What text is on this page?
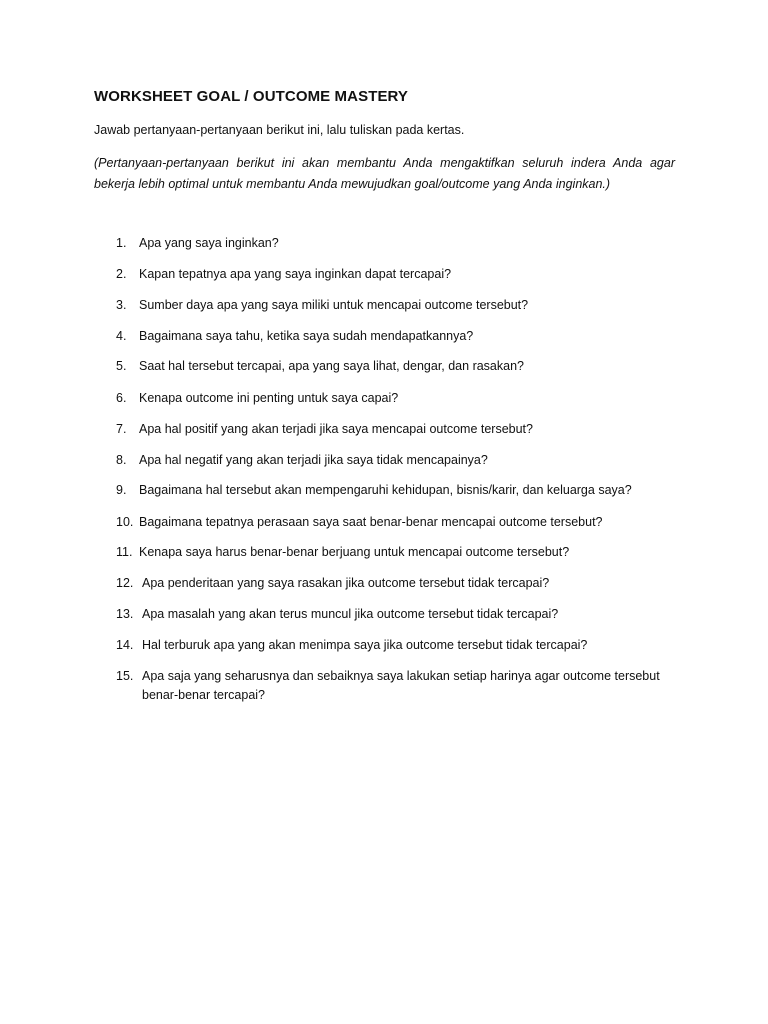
WORKSHEET GOAL / OUTCOME MASTERY
Jawab pertanyaan-pertanyaan berikut ini, lalu tuliskan pada kertas.
(Pertanyaan-pertanyaan berikut ini akan membantu Anda mengaktifkan seluruh indera Anda agar bekerja lebih optimal untuk membantu Anda mewujudkan goal/outcome yang Anda inginkan.)
1. Apa yang saya inginkan?
2. Kapan tepatnya apa yang saya inginkan dapat tercapai?
3. Sumber daya apa yang saya miliki untuk mencapai outcome tersebut?
4. Bagaimana saya tahu, ketika saya sudah mendapatkannya?
5. Saat hal tersebut tercapai, apa yang saya lihat, dengar, dan rasakan?
6. Kenapa outcome ini penting untuk saya capai?
7. Apa hal positif yang akan terjadi jika saya mencapai outcome tersebut?
8. Apa hal negatif yang akan terjadi jika saya tidak mencapainya?
9. Bagaimana hal tersebut akan mempengaruhi kehidupan, bisnis/karir, dan keluarga saya?
10. Bagaimana tepatnya perasaan saya saat benar-benar mencapai outcome tersebut?
11. Kenapa saya harus benar-benar berjuang untuk mencapai outcome tersebut?
12. Apa penderitaan yang saya rasakan jika outcome tersebut tidak tercapai?
13. Apa masalah yang akan terus muncul jika outcome tersebut tidak tercapai?
14. Hal terburuk apa yang akan menimpa saya jika outcome tersebut tidak tercapai?
15. Apa saja yang seharusnya dan sebaiknya saya lakukan setiap harinya agar outcome tersebut benar-benar tercapai?
